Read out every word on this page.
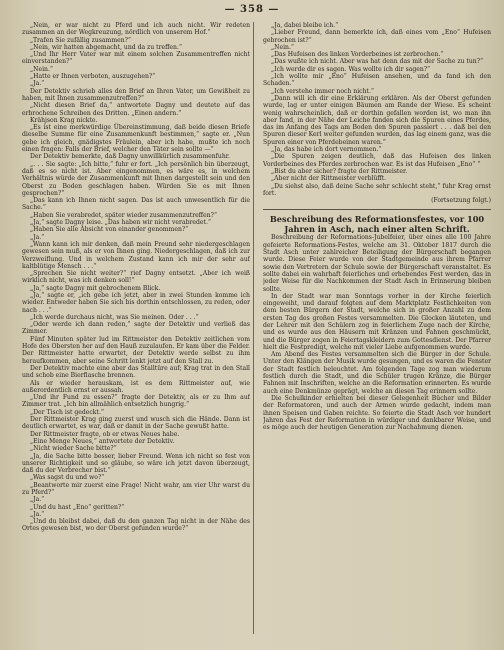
— 358 —

„Nein, er war nicht zu Pferd und ich auch nicht. Wir redeten zusammen an der Wegkreuzung, nördlich von unserem Hof.“

„Trafen Sie zufällig zusammen?“

„Nein, wir hatten abgemacht, und da zu treffen.“

„Und Ihr Herr Vater war mit einem solchen Zusammentreffen nicht einverstanden?“

„Nein.“

„Hatte er Ihnen verboten, auszugehen?“

„Ja.“

Der Detektiv schrieb alles den Brief an Ihren Vater, um Gewißheit zu haben, mit Ihnen zusammenzutreffen?“

„Nicht diesen Brief da,“ antwortete Dagny und deutete auf das erbrochene Schreiben des Dritten. „Einen andern.“

Krähjson Krag nickte.

„Es ist eine merkwürdige Übereinstimmung, daß beide diesen Briefe dieselbe Summe für eine Zusammenkunft bestimmen,“ sagte er. „Nun gebe ich gleich, gnädigstes Fräulein, aber ich habe, mußte ich noch einen fragen: Falls der Brief, welcher den Täter sein sollte —“

Der Detektiv bemerkte, daß Dagny unwillkürlich zusammenfuhr.

„. . . Sie sagte: „Ich bitte,“ fuhr er fort. „Ich persönlich bin überzeugt, daß es so nicht ist. Aber eingenommen, es wäre es, in welchem Verhältnis würde der Zusammenkunft mit Ihnen dargestellt sein und den Oberst zu Boden geschlagen haben. Würden Sie es mit Ihnen gesprochen?“

„Das kann ich Ihnen nicht sagen. Das ist auch unwesentlich für die Sache.“

„Haben Sie verabredet, später wieder zusammenzutreffen?“

„Ja,“ sagte Dagny leise. „Das haben wir nicht verabredet.“

„Haben Sie alle Absicht von einander genommen?“

„Ja.“

„Wann kann ich mir denken, daß mein Freund sehr niedergeschlagen gewesen sein muß, als er von Ihnen ging. Niedergeschlagen, daß ich zur Verzweiflung. Und in welchem Zustand kann ich mir der sehr auf kaltblütige Mensch . . .“

„Sprechen Sie nicht weiter?“ rief Dagny entsetzt. „Aber ich weiß wirklich nicht, was ich denken soll!“

„Ja,“ sagte Dagny mit gebrochenem Blick.

„Ja,“ sagte er, „ich gebe ich jetzt, aber in zwei Stunden komme ich wieder. Entweder haben Sie sich bis dorthin entschlossen, zu reden, oder nach . . .“

„Ich werde durchaus nicht, was Sie meinen. Oder . . .“

„Oder werde ich dann reden,“ sagte der Detektiv und verließ das Zimmer.

Fünf Minuten später lud im Rittmeister den Detektiv zeitlichen vom Hofe des Obersten her auf den Hauß zuzulaufen. Er kam über die Felder. Der Rittmeister hatte erwartet, der Detektiv werde selbst zu ihm heraufkommen, aber seine Schritt lenkt jetzt auf den Stall zu.

Der Detektiv machte eine aber das Stalltüre auf; Krag trat in den Stall und schob eine Bierflasche brennen.

Als er wieder herauskam, ist es dem Rittmeister auf, wie außerordentlich ernst er aussah.

„Und ihr Fund zu essen?“ fragte der Detektiv, als er zu Ihm auf Zimmer trat. „Ich bin allmählich entsetzlich hungrig.“

„Der Tisch ist gedeckt.“

Der Rittmeister Krag ging zuerst und wusch sich die Hände. Dann ist deutlich erwartet, es war, daß er damit in der Sache gewußt hatte.

Der Rittmeister fragte, ob er etwas Neues habe.

„Eine Menge Neues,“ antwortete der Detektiv.

„Nicht wieder Sache bitte?“

„Ja, die Sache bitte besser, lieber Freund. Wenn ich nicht so fest von unserer Richtigkeit und so gläube, so wäre ich jetzt davon überzeugt, daß du der Verbrecher bist.“

„Was sagst du und wo?“

„Beantworte mir zuerst eine Frage! Nicht wahr, am vier Uhr warst du zu Pferd?“

„Ja.“

„Und du hast „Eno“ geritten?“

„Ja.“

„Und du bleibst dabei, daß du den ganzen Tag nicht in der Nähe des Ortes gewesen bist, wo der Oberst gefunden wurde?“

„Ja, dabei bleibe ich.“

„Lieber Freund, dann bemerkte ich, daß eines vom „Eno“ Hufeisen gebrochen ist?“

„Nein.“

„Das Hufeisen des linken Vorderbeines ist zerbrochen.“

„Das wußte ich nicht. Aber was hat denn das mit der Sache zu tun?“

„Ich werde dir es sagen. Was wollte ich dir sagen?“

„Ich wollte mir „Eno“ Hufeisen ansehen, und da fand ich den Schaden.“

„Ich verstehe immer noch nicht.“

„Dann will ich dir eine Erklärung erklären. Als der Oberst gefunden wurde, lag er unter einigen Bäumen am Rande der Wiese. Es scheint wenig wahrscheinlich, daß er dorthin gefallen worden ist, wo man ihn aber fand, in der Nähe der Leiche fanden sich die Spuren eines Pferdes, das im Anfang des Tags am Boden den Spuren passiert . . . daß bei den Spuren dieser Kerl weiter gefunden wurden, das lag einem ganz, was die Spuren einer von Pferdebeinen waren.“

„Ja, das habe ich dort vernommen.“

„Die Spuren zeigen deutlich, daß das Hufeisen des linken Vorderbeines des Pferdes zerbrochen war. Es ist das Hufeisen „Eno“ “

„Bist du aber sicher? fragte der Rittmeister.

„Aber nicht der Rittmeister verblüfft.

„Du siehst also, daß deine Sache sehr schlecht steht,“ fuhr Krag ernst fort.

(Fortsetzung folgt.)

Beschreibung des Reformationsfestes, vor 100 Jahren in Asch, nach einer alten Schrift.

Beschreibung der Reformations-Jubelfeier, über eines alle 100 Jahre gefeierte Reformations-Festes, welche am 31. Oktober 1817 durch die Stadt Asch unter zahlreicher Beteiligung der Bürgerschaft begangen wurde. Diese Feier wurde von der Stadtgemeinde aus ihrem Pfarrer sowie den Vertretern der Schule sowie der Bürgerschaft veranstaltet. Es sollte dabei ein wahrhaft feierliches und erhebendes Fest werden, das in jeder Weise für die Nachkommen der Stadt Asch in Erinnerung bleiben sollte.

In der Stadt war man Sonntags vorher in der Kirche feierlich eingeweiht, und darauf folgten auf dem Marktplatz Festlichkeiten von dem besten Bürgern der Stadt, welche sich in großer Anzahl zu dem ersten Tag des großen Festes versammelten. Die Glocken läuteten, und der Lehrer mit den Schülern zog in feierlichem Zuge nach der Kirche, und es wurde aus den Häusern mit Kränzen und Fahnen geschmückt, und die Bürger zogen in Feiertagskleidern zum Gottesdienst. Der Pfarrer hielt die Festpredigt, welche mit vieler Liebe aufgenommen wurde.

Am Abend des Festes versammelten sich die Bürger in der Schule. Unter den Klängen der Musik wurde gesungen, und es waren die Fenster der Stadt festlich beleuchtet. Am folgenden Tage zog man wiederum festlich durch die Stadt, und die Schüler trugen Kränze, die Bürger Fahnen mit Inschriften, welche an die Reformation erinnerten. Es wurde auch eine Denkmünze geprägt, welche an diesen Tag erinnern sollte.

Die Schulkinder erhielten bei dieser Gelegenheit Bücher und Bilder der Reformatoren, und auch der Armen wurde gedacht, indem man ihnen Speisen und Gaben reichte. So feierte die Stadt Asch vor hundert Jahren das Fest der Reformation in würdiger und dankbarer Weise, und es möge auch der heutigen Generation zur Nachahmung dienen.
